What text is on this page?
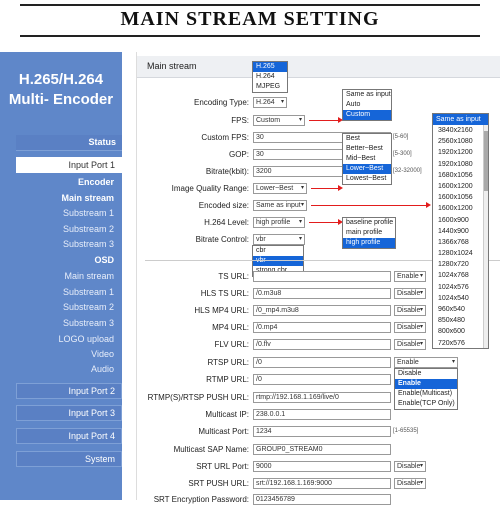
MAIN STREAM SETTING
H.265/H.264
Multi- Encoder
Status
Input Port 1
Encoder
Main stream
Substream 1
Substream 2
Substream 3
OSD
Main stream
Substream 1
Substream 2
Substream 3
LOGO upload
Video
Audio
Input Port 2
Input Port 3
Input Port 4
System
Main stream
Encoding Type:	H.264 ▾
H.265
H.264
MJPEG
FPS:	Custom	▾
Same as input
Auto
Custom
Custom FPS:	30	[5-60]
GOP:	30	[5-300]
Bitrate(kbit):	3200	[32-32000]
Image Quality Range:	Lower~Best ▾
Best
Better~Best
Mid~Best
Lower~Best
Lowest~Best
Encoded size:	Same as input ▾
H.264 Level:	high profile ▾	baseline profile
main profile
high profile
Bitrate Control:	vbr	▾
cbr
TS URL:	Enable ▾
HLS TS URL:	/0.m3u8	Disable ▾
HLS MP4 URL:	/0_mp4.m3u8	Disable ▾
MP4 URL:	/0.mp4	Disable ▾
FLV URL:	/0.flv	Disable ▾
RTSP URL:	/0	Enable	▾
Disable
Enable
Enable(Multicast)
Enable(TCP Only)
RTMP URL:	/0
RTMP(S)/RTSP PUSH URL:	rtmp://192.168.1.169/live/0
Multicast IP:	238.0.0.1
Multicast Port:	1234	[1-65535]
Multicast SAP Name:	GROUP0_STREAM0
SRT URL Port:	9000	Disable ▾
SRT PUSH URL:	srt://192.168.1.169:9000	Disable ▾
SRT Encryption Password:	0123456789
Same as input
3840x2160
2560x1080
1920x1200
1920x1080
1680x1056
1600x1200
1600x1056
1600x1200
1600x900
1440x900
1366x768
1280x1024
1280x720
1024x768
1024x576
1024x540
960x540
850x480
800x600
720x576
